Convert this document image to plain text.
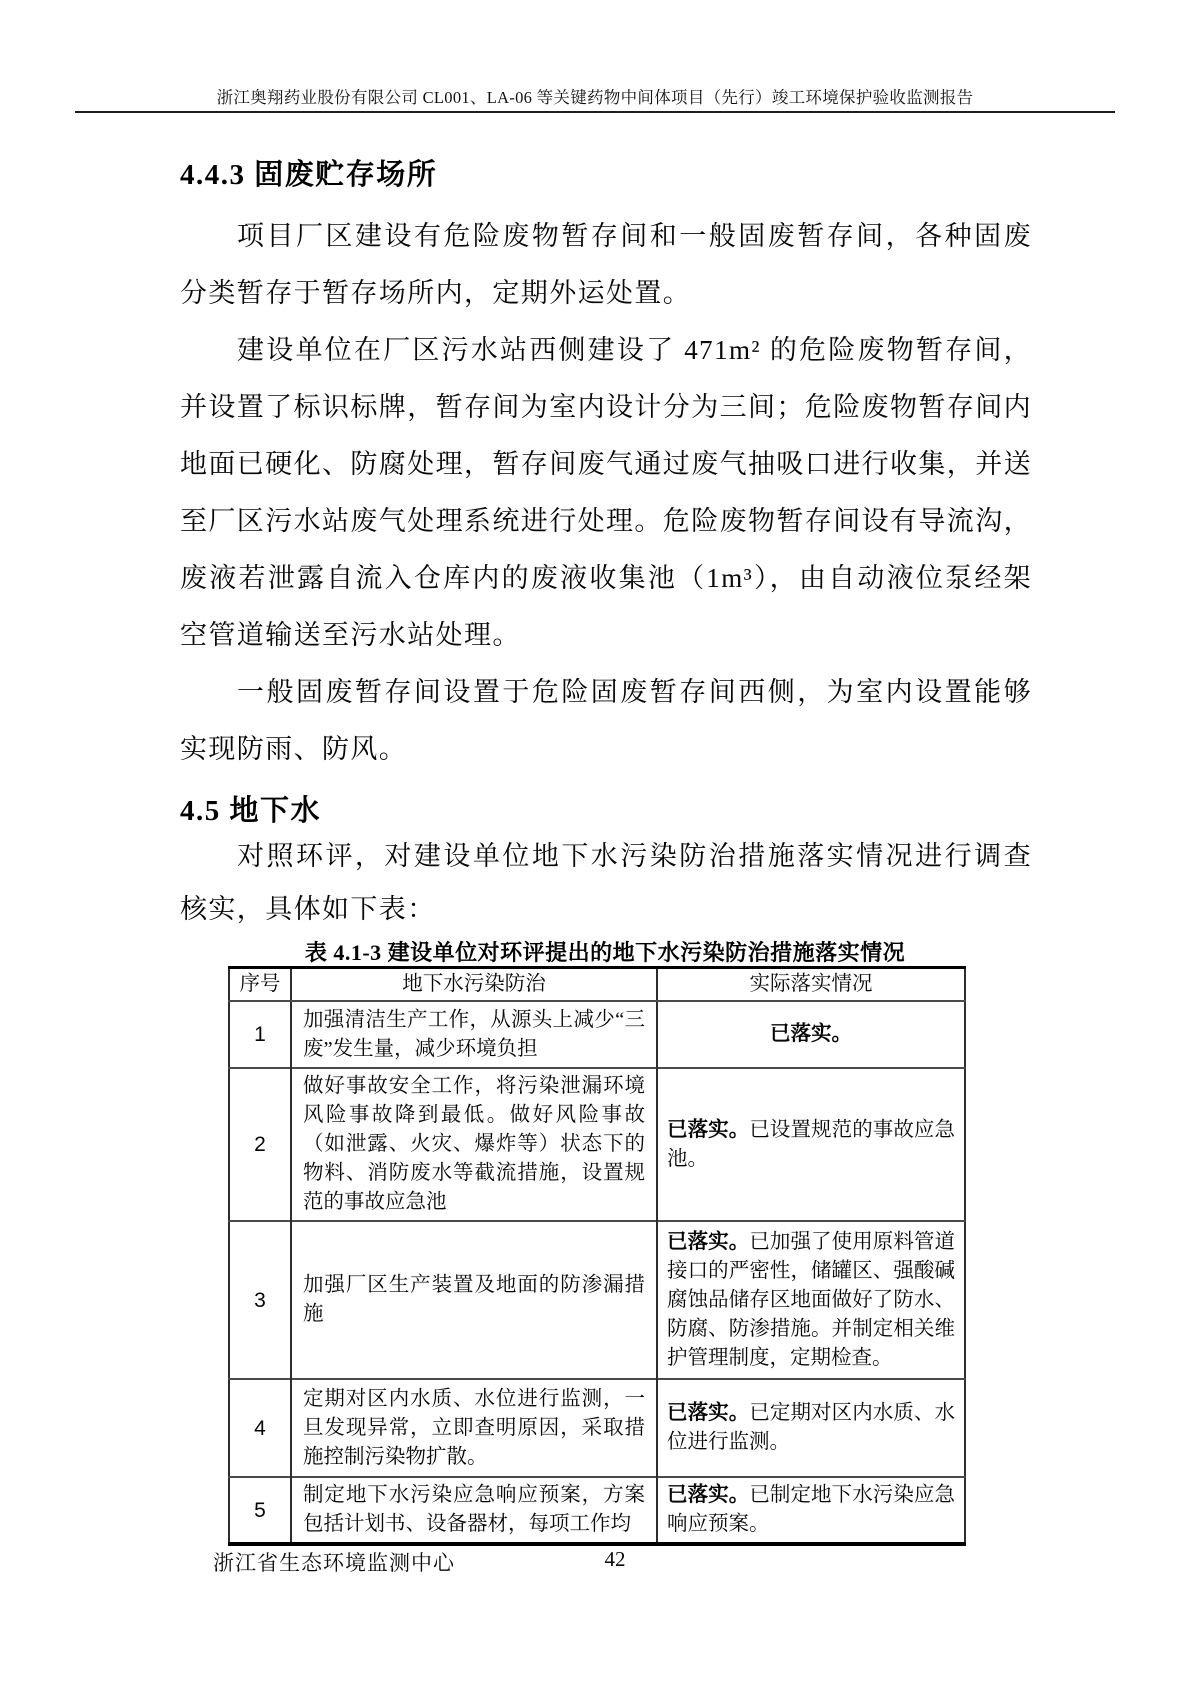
浙江奥翔药业股份有限公司 CL001、LA-06 等关键药物中间体项目（先行）竣工环境保护验收监测报告
4.4.3 固废贮存场所
项目厂区建设有危险废物暂存间和一般固废暂存间，各种固废分类暂存于暂存场所内，定期外运处置。
建设单位在厂区污水站西侧建设了 471m² 的危险废物暂存间，并设置了标识标牌，暂存间为室内设计分为三间；危险废物暂存间内地面已硬化、防腐处理，暂存间废气通过废气抽吸口进行收集，并送至厂区污水站废气处理系统进行处理。危险废物暂存间设有导流沟，废液若泄露自流入仓库内的废液收集池（1m³），由自动液位泵经架空管道输送至污水站处理。
一般固废暂存间设置于危险固废暂存间西侧，为室内设置能够实现防雨、防风。
4.5 地下水
对照环评，对建设单位地下水污染防治措施落实情况进行调查核实，具体如下表：
表 4.1-3 建设单位对环评提出的地下水污染防治措施落实情况
序号	地下水污染防治	实际落实情况
1	加强清洁生产工作，从源头上减少“三废”发生量，减少环境负担	已落实。
2	做好事故安全工作，将污染泄漏环境风险事故降到最低。做好风险事故（如泄露、火灾、爆炸等）状态下的物料、消防废水等截流措施，设置规范的事故应急池	已落实。已设置规范的事故应急池。
3	加强厂区生产装置及地面的防渗漏措施	已落实。已加强了使用原料管道接口的严密性，储罐区、强酸碱腐蚀品储存区地面做好了防水、防腐、防渗措施。并制定相关维护管理制度，定期检查。
4	定期对区内水质、水位进行监测，一旦发现异常，立即查明原因，采取措施控制污染物扩散。	已落实。已定期对区内水质、水位进行监测。
5	制定地下水污染应急响应预案，方案包括计划书、设备器材，每项工作均	已落实。已制定地下水污染应急响应预案。
浙江省生态环境监测中心	42
